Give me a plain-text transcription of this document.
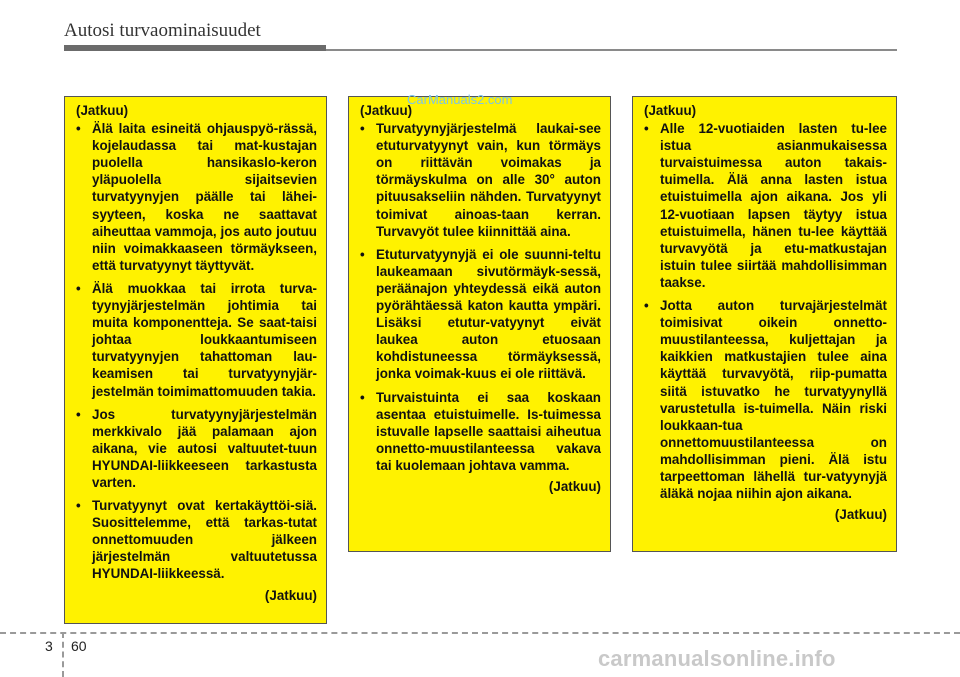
Autosi turvaominaisuudet
(Jatkuu)
• Älä laita esineitä ohjauspyö-rässä, kojelaudassa tai mat-kustajan puolella hansikaslo-keron yläpuolella sijaitsevien turvatyynyjen päälle tai lähei-syyteen, koska ne saattavat aiheuttaa vammoja, jos auto joutuu niin voimakkaaseen törmäykseen, että turvatyynyt täyttyvät.
• Älä muokkaa tai irrota turva-tyynyjärjestelmän johtimia tai muita komponentteja. Se saat-taisi johtaa loukkaantumiseen turvatyynyjen tahattoman lau-keamisen tai turvatyynyjär-jestelmän toimimattomuuden takia.
• Jos turvatyynyjärjestelmän merkkivalo jää palamaan ajon aikana, vie autosi valtuutet-tuun HYUNDAI-liikkeeseen tarkastusta varten.
• Turvatyynyt ovat kertakäyttöi-siä. Suosittelemme, että tarkas-tutat onnettomuuden jälkeen järjestelmän valtuutetussa HYUNDAI-liikkeessä.
(Jatkuu)
(Jatkuu)
• Turvatyynyjärjestelmä laukai-see etuturvatyynyt vain, kun törmäys on riittävän voimakas ja törmäyskulma on alle 30° auton pituusakseliin nähden. Turvatyynyt toimivat ainoas-taan kerran. Turvavyöt tulee kiinnittää aina.
• Etuturvatyynyjä ei ole suunni-teltu laukeamaan sivutörmäyk-sessä, peräänajon yhteydessä eikä auton pyörähtäessä katon kautta ympäri. Lisäksi etutur-vatyynyt eivät laukea auton etuosaan kohdistuneessa törmäyksessä, jonka voimak-kuus ei ole riittävä.
• Turvaistuinta ei saa koskaan asentaa etuistuimelle. Is-tuimessa istuvalle lapselle saattaisi aiheutua onnetto-muustilanteessa vakava tai kuolemaan johtava vamma.
(Jatkuu)
(Jatkuu)
• Alle 12-vuotiaiden lasten tu-lee istua asianmukaisessa turvaistuimessa auton takais-tuimella. Älä anna lasten istua etuistuimella ajon aikana. Jos yli 12-vuotiaan lapsen täytyy istua etuistuimella, hänen tu-lee käyttää turvavyötä ja etu-matkustajan istuin tulee siirtää mahdollisimman taakse.
• Jotta auton turvajärjestelmät toimisivat oikein onnetto-muustilanteessa, kuljettajan ja kaikkien matkustajien tulee aina käyttää turvavyötä, riip-pumatta siitä istuvatko he turvatyynyllä varustetulla is-tuimella. Näin riski loukkaan-tua onnettomuustilanteessa on mahdollisimman pieni. Älä istu tarpeettoman lähellä tur-vatyynyjä äläkä nojaa niihin ajon aikana.
(Jatkuu)
CarManuals2.com
3 60	carmanualsonline.info
